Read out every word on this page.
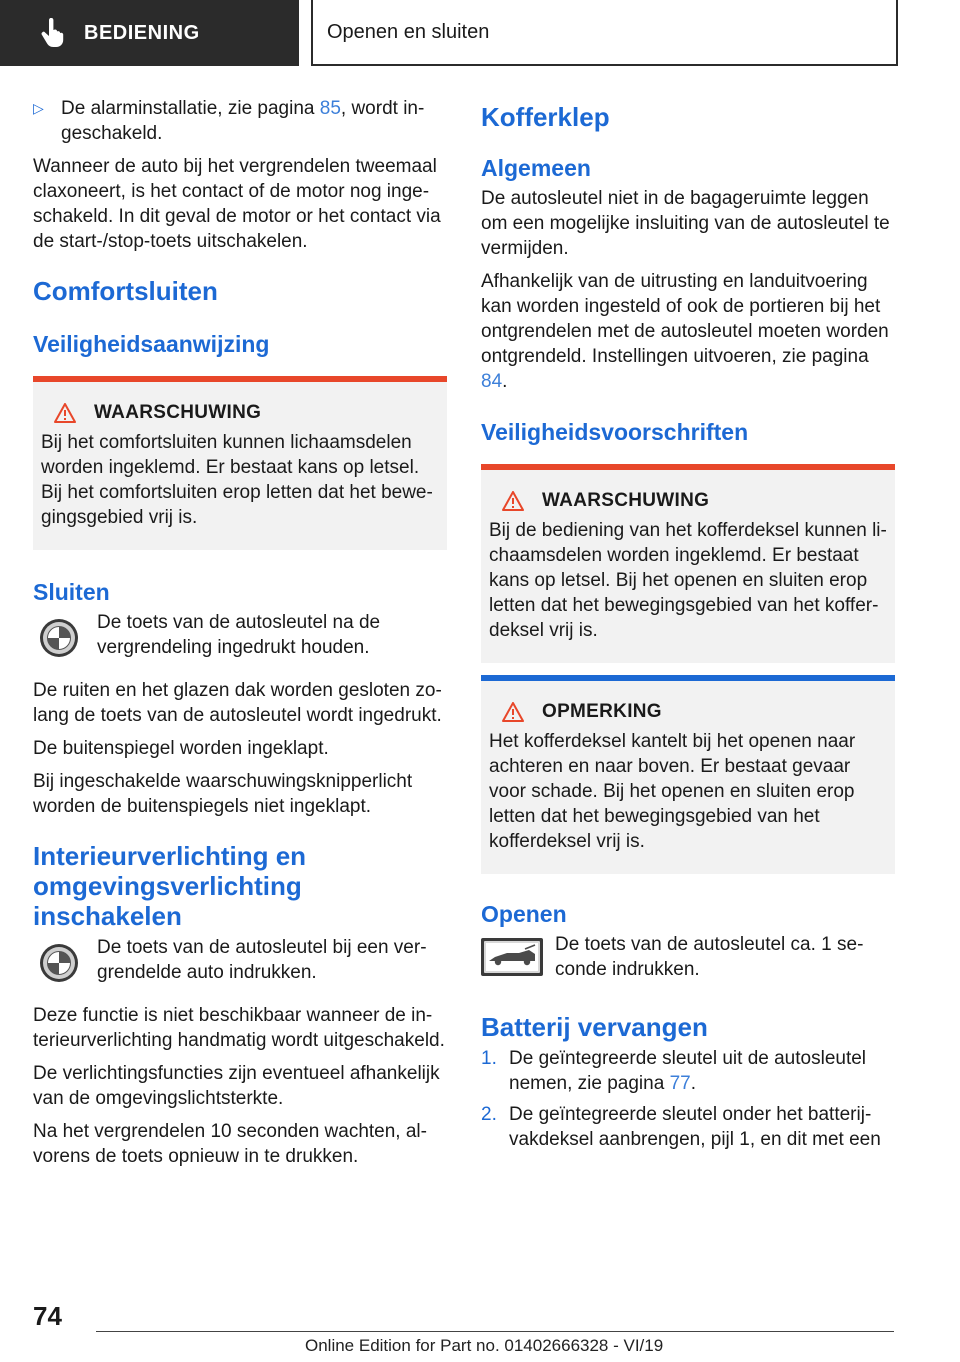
BEDIENING	Openen en sluiten
▷ De alarminstallatie, zie pagina 85, wordt ingeschakeld.

Wanneer de auto bij het vergrendelen tweemaal claxoneert, is het contact of de motor nog ingeschakeld. In dit geval de motor or het contact via de start-/stop-toets uitschakelen.

Comfortsluiten
Veiligheidsaanwijzing
WAARSCHUWING

Bij het comfortsluiten kunnen lichaamsdelen worden ingeklemd. Er bestaat kans op letsel.

Bij het comfortsluiten erop letten dat het bewegingsgebied vrij is.

Sluiten

De toets van de autosleutel na de vergrendeling ingedrukt houden.

De ruiten en het glazen dak worden gesloten zolang de toets van de autosleutel wordt ingedrukt.

De buitenspiegel worden ingeklapt.

Bij ingeschakelde waarschuwingsknipperlicht worden de buitenspiegels niet ingeklapt.

Interieurverlichting en omgevingsverlichting inschakelen

De toets van de autosleutel bij een vergrendelde auto indrukken.

Deze functie is niet beschikbaar wanneer de interieurverlichting handmatig wordt uitgeschakeld.

De verlichtingsfuncties zijn eventueel afhankelijk van de omgevingslichtsterkte.

Na het vergrendelen 10 seconden wachten, alvorens de toets opnieuw in te drukken.

Kofferklep
Algemeen

De autosleutel niet in de bagageruimte leggen om een mogelijke insluiting van de autosleutel te vermijden.

Afhankelijk van de uitrusting en landuitvoering kan worden ingesteld of ook de portieren bij het ontgrendelen met de autosleutel moeten worden ontgrendeld. Instellingen uitvoeren, zie pagina 84.

Veiligheidsvoorschriften
WAARSCHUWING

Bij de bediening van het kofferdeksel kunnen lichaamsdelen worden ingeklemd. Er bestaat kans op letsel. Bij het openen en sluiten erop letten dat het bewegingsgebied van het kofferdeksel vrij is.

OPMERKING

Het kofferdeksel kantelt bij het openen naar achteren en naar boven. Er bestaat gevaar voor schade. Bij het openen en sluiten erop letten dat het bewegingsgebied van het kofferdeksel vrij is.

Openen

De toets van de autosleutel ca. 1 seconde indrukken.

Batterij vervangen
1. De geïntegreerde sleutel uit de autosleutel nemen, zie pagina 77.
2. De geïntegreerde sleutel onder het batterijvakdeksel aanbrengen, pijl 1, en dit met een
74
Online Edition for Part no. 01402666328 - VI/19
